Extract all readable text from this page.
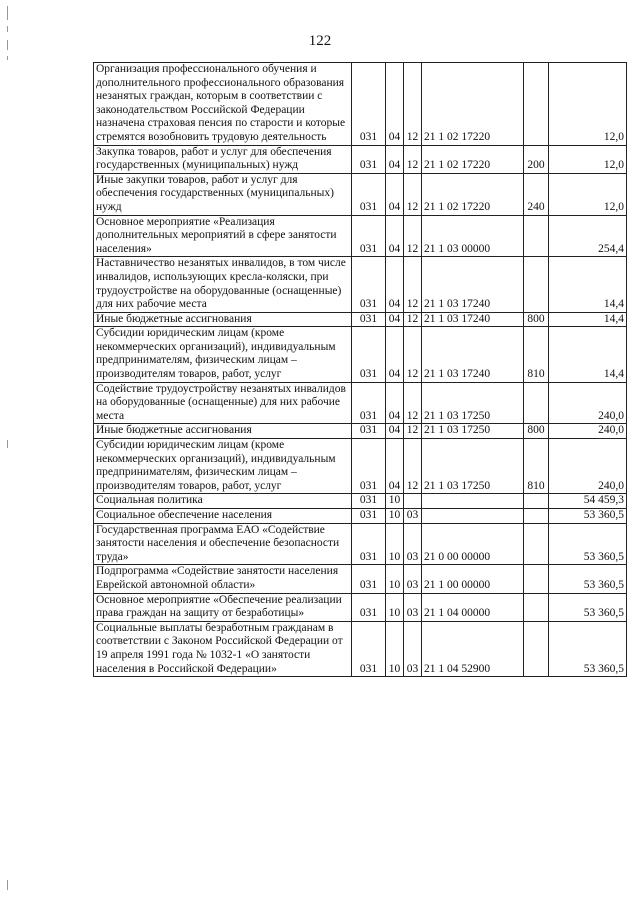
122
Организация профессионального обучения и дополнительного профессионального образования незанятых граждан, которым в соответствии с законодательством Российской Федерации назначена страховая пенсия по старости и которые стремятся возобновить трудовую деятельность	031	04	12	21 1 02 17220		12,0
Закупка товаров, работ и услуг для обеспечения государственных (муниципальных) нужд	031	04	12	21 1 02 17220	200	12,0
Иные закупки товаров, работ и услуг для обеспечения государственных (муниципальных) нужд	031	04	12	21 1 02 17220	240	12,0
Основное мероприятие «Реализация дополнительных мероприятий в сфере занятости населения»	031	04	12	21 1 03 00000		254,4
Наставничество незанятых инвалидов, в том числе инвалидов, использующих кресла-коляски, при трудоустройстве на оборудованные (оснащенные) для них рабочие места	031	04	12	21 1 03 17240		14,4
Иные бюджетные ассигнования	031	04	12	21 1 03 17240	800	14,4
Субсидии юридическим лицам (кроме некоммерческих организаций), индивидуальным предпринимателям, физическим лицам – производителям товаров, работ, услуг	031	04	12	21 1 03 17240	810	14,4
Содействие трудоустройству незанятых инвалидов на оборудованные (оснащенные) для них рабочие места	031	04	12	21 1 03 17250		240,0
Иные бюджетные ассигнования	031	04	12	21 1 03 17250	800	240,0
Субсидии юридическим лицам (кроме некоммерческих организаций), индивидуальным предпринимателям, физическим лицам – производителям товаров, работ, услуг	031	04	12	21 1 03 17250	810	240,0
Социальная политика	031	10				54 459,3
Социальное обеспечение населения	031	10	03			53 360,5
Государственная программа ЕАО «Содействие занятости населения и обеспечение безопасности труда»	031	10	03	21 0 00 00000		53 360,5
Подпрограмма «Содействие занятости населения Еврейской автономной области»	031	10	03	21 1 00 00000		53 360,5
Основное мероприятие «Обеспечение реализации права граждан на защиту от безработицы»	031	10	03	21 1 04 00000		53 360,5
Социальные выплаты безработным гражданам в соответствии с Законом Российской Федерации от 19 апреля 1991 года № 1032-1 «О занятости населения в Российской Федерации»	031	10	03	21 1 04 52900		53 360,5
